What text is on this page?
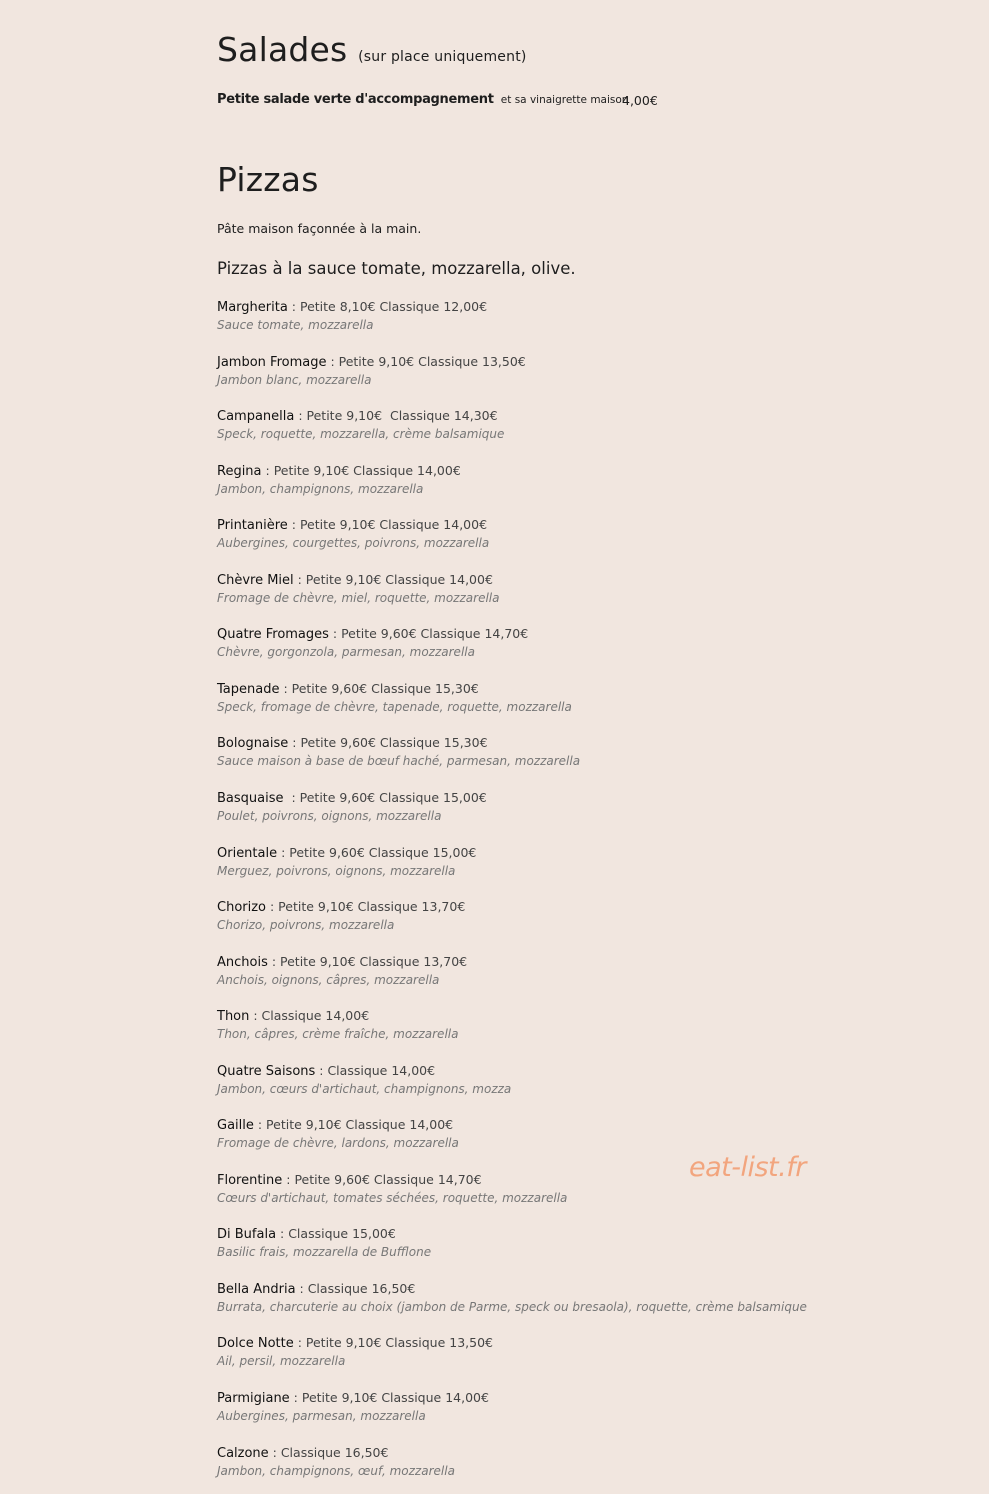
Salades (sur place uniquement)
Petite salade verte d'accompagnement et sa vinaigrette maison
4,00€
Pizzas
Pâte maison façonnée à la main.
Pizzas à la sauce tomate, mozzarella, olive.
Margherita : Petite 8,10€ Classique 12,00€
Sauce tomate, mozzarella
Jambon Fromage : Petite 9,10€ Classique 13,50€
Jambon blanc, mozzarella
Campanella : Petite 9,10€  Classique 14,30€
Speck, roquette, mozzarella, crème balsamique
Regina : Petite 9,10€ Classique 14,00€
Jambon, champignons, mozzarella
Printanière : Petite 9,10€ Classique 14,00€
Aubergines, courgettes, poivrons, mozzarella
Chèvre Miel : Petite 9,10€ Classique 14,00€
Fromage de chèvre, miel, roquette, mozzarella
Quatre Fromages : Petite 9,60€ Classique 14,70€
Chèvre, gorgonzola, parmesan, mozzarella
Tapenade : Petite 9,60€ Classique 15,30€
Speck, fromage de chèvre, tapenade, roquette, mozzarella
Bolognaise : Petite 9,60€ Classique 15,30€
Sauce maison à base de bœuf haché, parmesan, mozzarella
Basquaise  : Petite 9,60€ Classique 15,00€
Poulet, poivrons, oignons, mozzarella
Orientale : Petite 9,60€ Classique 15,00€
Merguez, poivrons, oignons, mozzarella
Chorizo : Petite 9,10€ Classique 13,70€
Chorizo, poivrons, mozzarella
Anchois : Petite 9,10€ Classique 13,70€
Anchois, oignons, câpres, mozzarella
Thon : Classique 14,00€
Thon, câpres, crème fraîche, mozzarella
Quatre Saisons : Classique 14,00€
Jambon, cœurs d'artichaut, champignons, mozza
Gaille : Petite 9,10€ Classique 14,00€
Fromage de chèvre, lardons, mozzarella
Florentine : Petite 9,60€ Classique 14,70€
Cœurs d'artichaut, tomates séchées, roquette, mozzarella
Di Bufala : Classique 15,00€
Basilic frais, mozzarella de Bufflone
Bella Andria : Classique 16,50€
Burrata, charcuterie au choix (jambon de Parme, speck ou bresaola), roquette, crème balsamique
Dolce Notte : Petite 9,10€ Classique 13,50€
Ail, persil, mozzarella
Parmigiane : Petite 9,10€ Classique 14,00€
Aubergines, parmesan, mozzarella
Calzone : Classique 16,50€
Jambon, champignons, œuf, mozzarella
eat-list.fr
